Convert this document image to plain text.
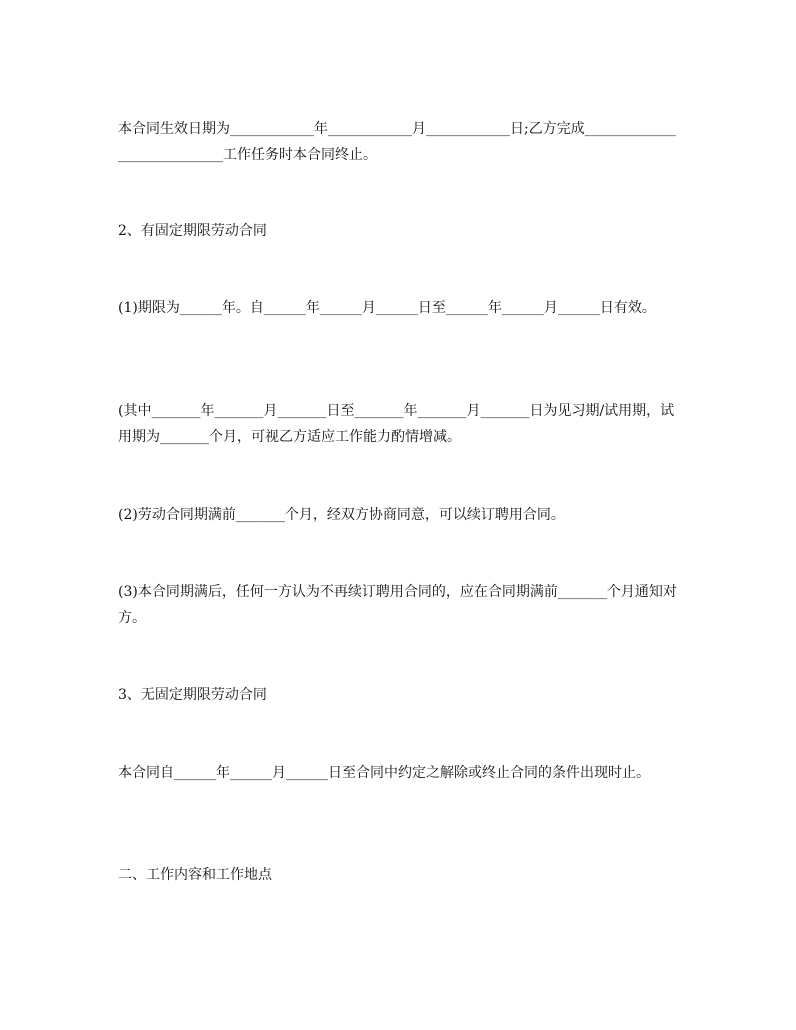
本合同生效日期为____________年____________月____________日;乙方完成____________________________工作任务时本合同终止。

2、有固定期限劳动合同

(1)期限为______年。自______年______月______日至______年______月______日有效。

(其中_______年_______月_______日至_______年_______月_______日为见习期/试用期，试用期为_______个月，可视乙方适应工作能力酌情增减。

(2)劳动合同期满前_______个月，经双方协商同意，可以续订聘用合同。

(3)本合同期满后，任何一方认为不再续订聘用合同的，应在合同期满前_______个月通知对方。

3、无固定期限劳动合同

本合同自______年______月______日至合同中约定之解除或终止合同的条件出现时止。

二、工作内容和工作地点
